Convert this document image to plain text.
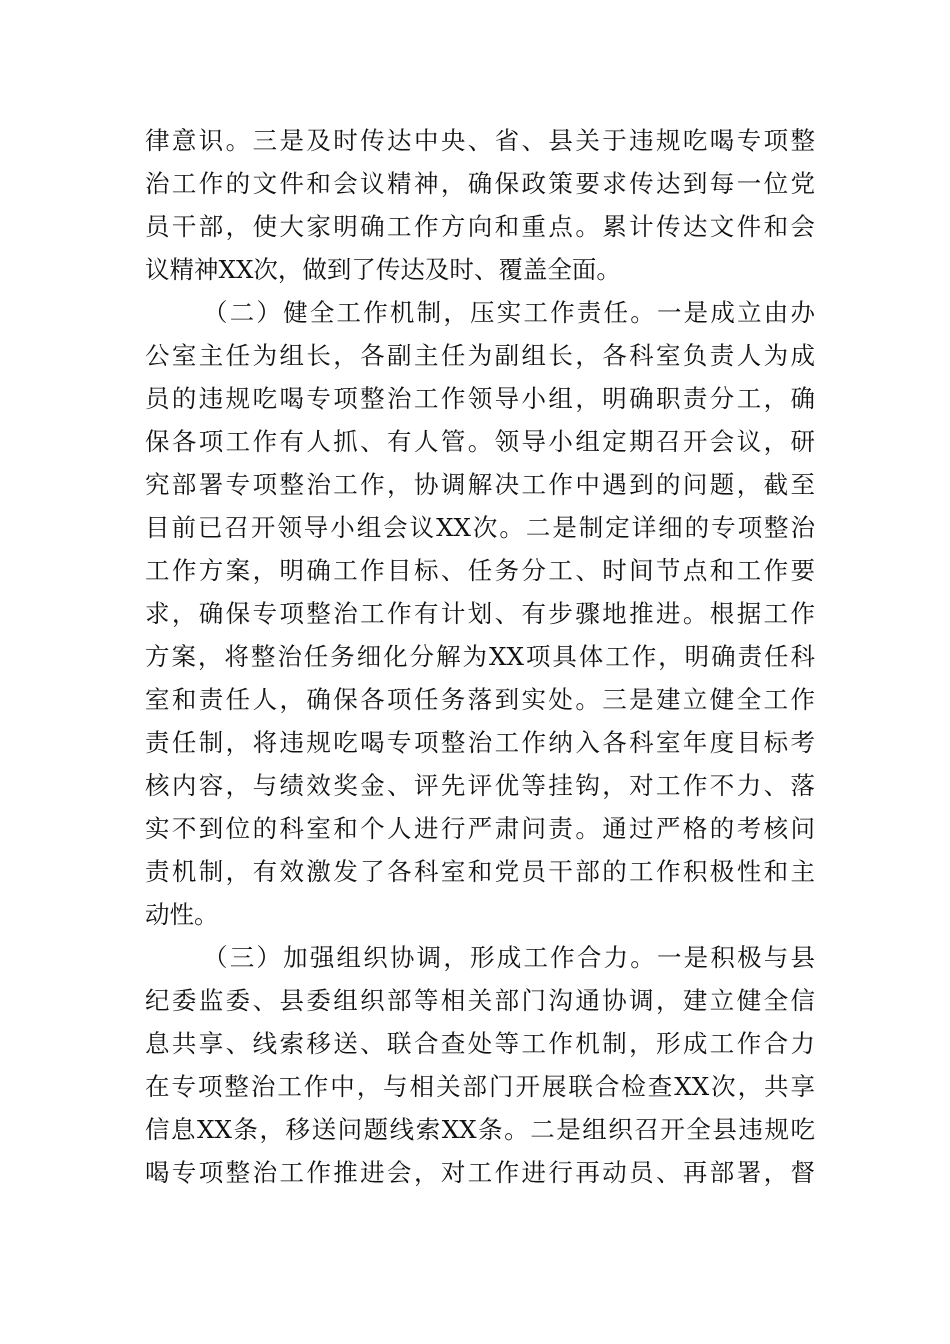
律意识。三是及时传达中央、省、县关于违规吃喝专项整
治工作的文件和会议精神，确保政策要求传达到每一位党
员干部，使大家明确工作方向和重点。累计传达文件和会
议精神XX次，做到了传达及时、覆盖全面。
（二）健全工作机制，压实工作责任。一是成立由办
公室主任为组长，各副主任为副组长，各科室负责人为成
员的违规吃喝专项整治工作领导小组，明确职责分工，确
保各项工作有人抓、有人管。领导小组定期召开会议，研
究部署专项整治工作，协调解决工作中遇到的问题，截至
目前已召开领导小组会议XX次。二是制定详细的专项整治
工作方案，明确工作目标、任务分工、时间节点和工作要
求，确保专项整治工作有计划、有步骤地推进。根据工作
方案，将整治任务细化分解为XX项具体工作，明确责任科
室和责任人，确保各项任务落到实处。三是建立健全工作
责任制，将违规吃喝专项整治工作纳入各科室年度目标考
核内容，与绩效奖金、评先评优等挂钩，对工作不力、落
实不到位的科室和个人进行严肃问责。通过严格的考核问
责机制，有效激发了各科室和党员干部的工作积极性和主
动性。
（三）加强组织协调，形成工作合力。一是积极与县
纪委监委、县委组织部等相关部门沟通协调，建立健全信
息共享、线索移送、联合查处等工作机制，形成工作合力
在专项整治工作中，与相关部门开展联合检查XX次，共享
信息XX条，移送问题线索XX条。二是组织召开全县违规吃
喝专项整治工作推进会，对工作进行再动员、再部署，督
